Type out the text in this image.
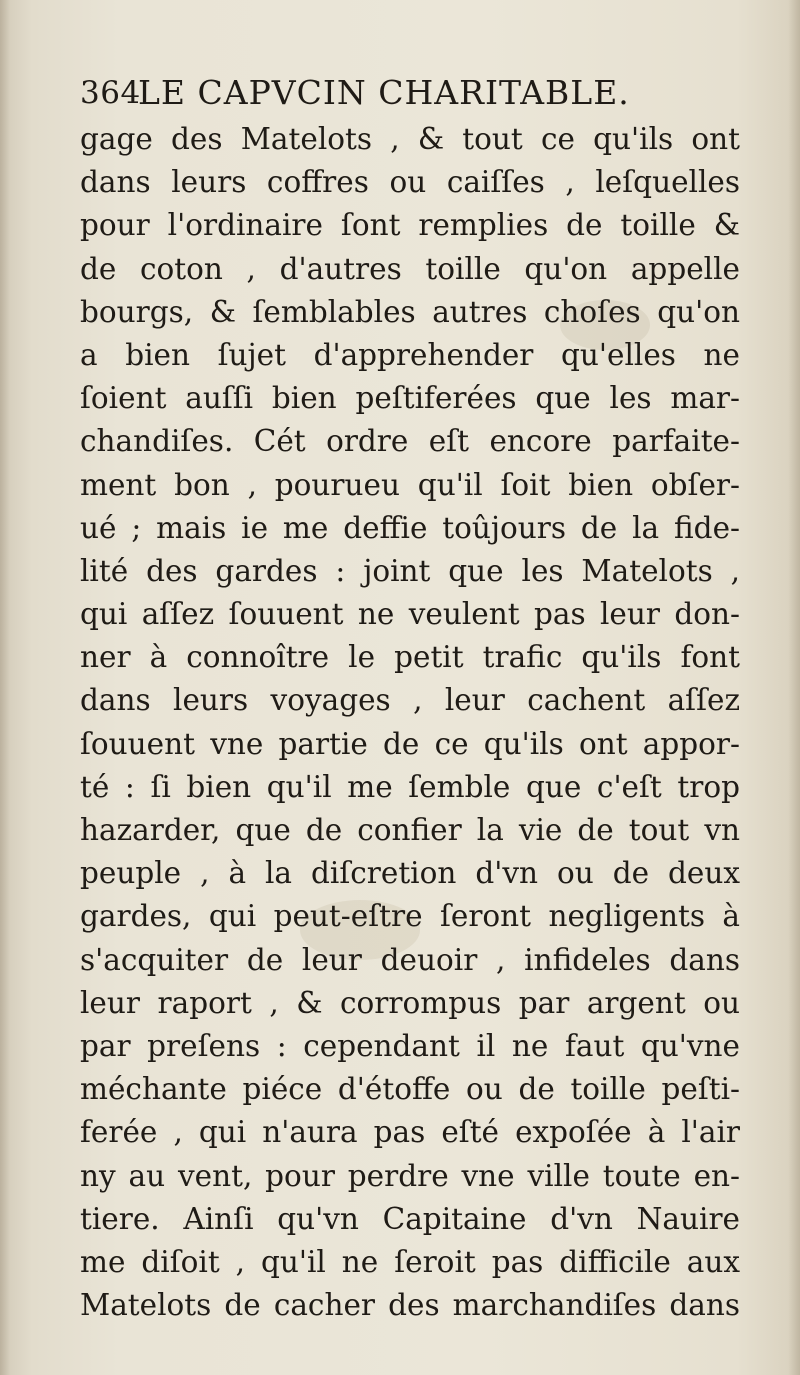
364
LE CAPVCIN CHARITABLE.
gage des Matelots , & tout ce qu'ils ont
dans leurs coffres ou caiſſes , leſquelles
pour l'ordinaire ſont remplies de toille &
de coton , d'autres toille qu'on appelle
bourgs, & ſemblables autres choſes qu'on
a bien ſujet d'apprehender qu'elles ne
ſoient auſſi bien peſtiferées que les mar-
chandiſes. Cét ordre eſt encore parfaite-
ment bon , pourueu qu'il ſoit bien obſer-
ué ; mais ie me deffie toûjours de la fide-
lité des gardes : joint que les Matelots ,
qui aſſez ſouuent ne veulent pas leur don-
ner à connoître le petit trafic qu'ils font
dans leurs voyages , leur cachent aſſez
ſouuent vne partie de ce qu'ils ont appor-
té : ſi bien qu'il me ſemble que c'eſt trop
hazarder, que de confier la vie de tout vn
peuple , à la diſcretion d'vn ou de deux
gardes, qui peut-eſtre ſeront negligents à
s'acquiter de leur deuoir , infideles dans
leur raport , & corrompus par argent ou
par preſens : cependant il ne faut qu'vne
méchante piéce d'étoffe ou de toille peſti-
ferée , qui n'aura pas eſté expoſée à l'air
ny au vent, pour perdre vne ville toute en-
tiere. Ainſi qu'vn Capitaine d'vn Nauire
me diſoit , qu'il ne ſeroit pas difficile aux
Matelots de cacher des marchandiſes dans
